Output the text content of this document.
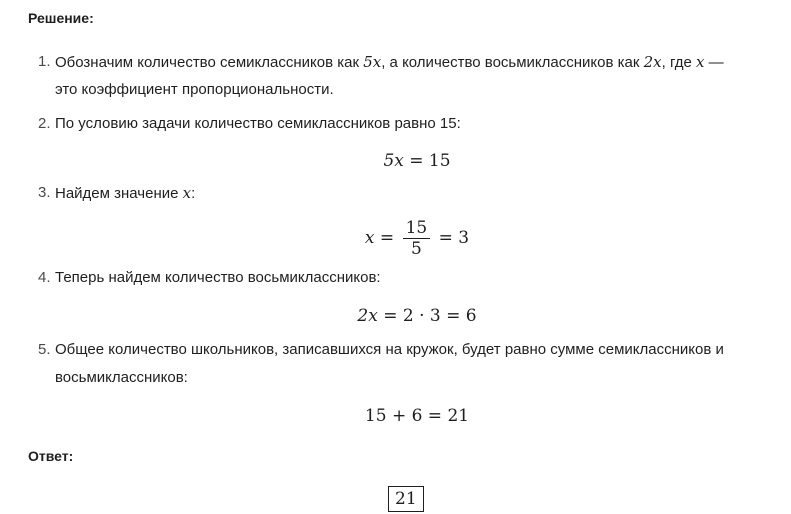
Решение:
1. Обозначим количество семиклассников как 5x, а количество восьмиклассников как 2x, где x —
это коэффициент пропорциональности.
2. По условию задачи количество семиклассников равно 15:
5x = 15
3. Найдем значение x:
$x = \frac{15}{5} = 3$
4. Теперь найдем количество восьмиклассников:
2x = 2 · 3 = 6
5. Общее количество школьников, записавшихся на кружок, будет равно сумме семиклассников и
восьмиклассников:
15 + 6 = 21
Ответ:
21
